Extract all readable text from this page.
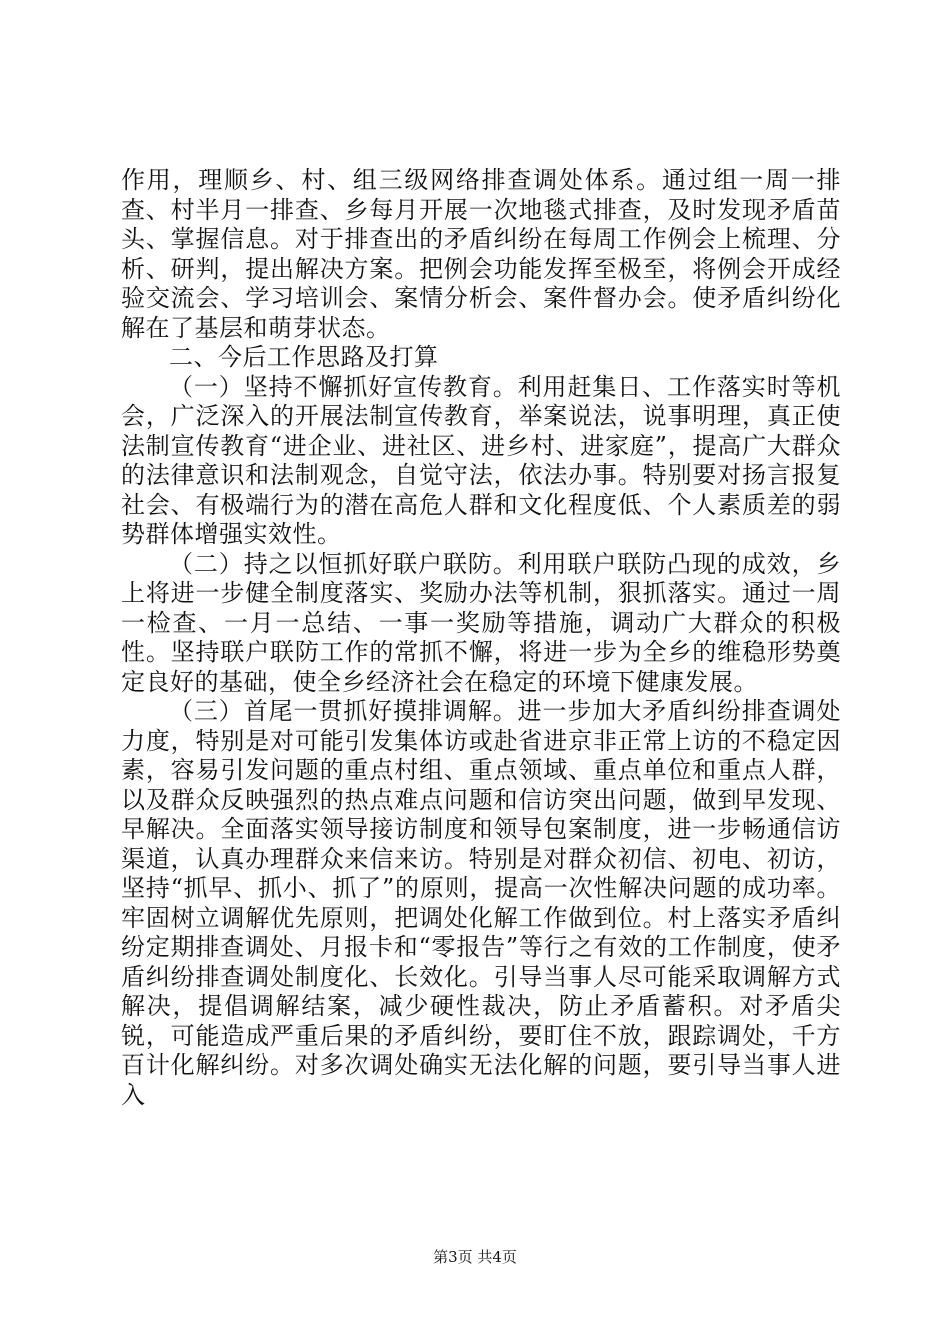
作用，理顺乡、村、组三级网络排查调处体系。通过组一周一排查、村半月一排查、乡每月开展一次地毯式排查，及时发现矛盾苗头、掌握信息。对于排查出的矛盾纠纷在每周工作例会上梳理、分析、研判，提出解决方案。把例会功能发挥至极至，将例会开成经验交流会、学习培训会、案情分析会、案件督办会。使矛盾纠纷化解在了基层和萌芽状态。

二、今后工作思路及打算

（一）坚持不懈抓好宣传教育。利用赶集日、工作落实时等机会，广泛深入的开展法制宣传教育，举案说法，说事明理，真正使法制宣传教育“进企业、进社区、进乡村、进家庭”，提高广大群众的法律意识和法制观念，自觉守法，依法办事。特别要对扬言报复社会、有极端行为的潜在高危人群和文化程度低、个人素质差的弱势群体增强实效性。

（二）持之以恒抓好联户联防。利用联户联防凸现的成效，乡上将进一步健全制度落实、奖励办法等机制，狠抓落实。通过一周一检查、一月一总结、一事一奖励等措施，调动广大群众的积极性。坚持联户联防工作的常抓不懈，将进一步为全乡的维稳形势奠定良好的基础，使全乡经济社会在稳定的环境下健康发展。

（三）首尾一贯抓好摸排调解。进一步加大矛盾纠纷排查调处力度，特别是对可能引发集体访或赴省进京非正常上访的不稳定因素，容易引发问题的重点村组、重点领域、重点单位和重点人群，以及群众反映强烈的热点难点问题和信访突出问题，做到早发现、早解决。全面落实领导接访制度和领导包案制度，进一步畅通信访渠道，认真办理群众来信来访。特别是对群众初信、初电、初访，坚持“抓早、抓小、抓了”的原则，提高一次性解决问题的成功率。牢固树立调解优先原则，把调处化解工作做到位。村上落实矛盾纠纷定期排查调处、月报卡和“零报告”等行之有效的工作制度，使矛盾纠纷排查调处制度化、长效化。引导当事人尽可能采取调解方式解决，提倡调解结案，减少硬性裁决，防止矛盾蓄积。对矛盾尖锐，可能造成严重后果的矛盾纠纷，要盯住不放，跟踪调处，千方百计化解纠纷。对多次调处确实无法化解的问题，要引导当事人进入

第3页 共4页
